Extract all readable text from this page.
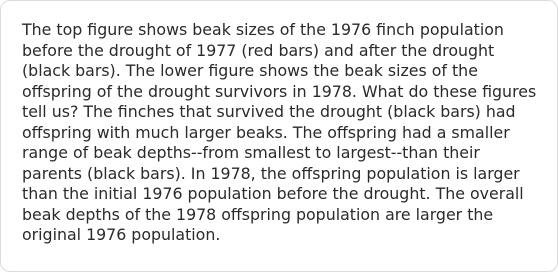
The top figure shows beak sizes of the 1976 finch population before the drought of 1977 (red bars) and after the drought (black bars). The lower figure shows the beak sizes of the offspring of the drought survivors in 1978. What do these figures tell us? The finches that survived the drought (black bars) had offspring with much larger beaks. The offspring had a smaller range of beak depths--from smallest to largest--than their parents (black bars). In 1978, the offspring population is larger than the initial 1976 population before the drought. The overall beak depths of the 1978 offspring population are larger the original 1976 population.
